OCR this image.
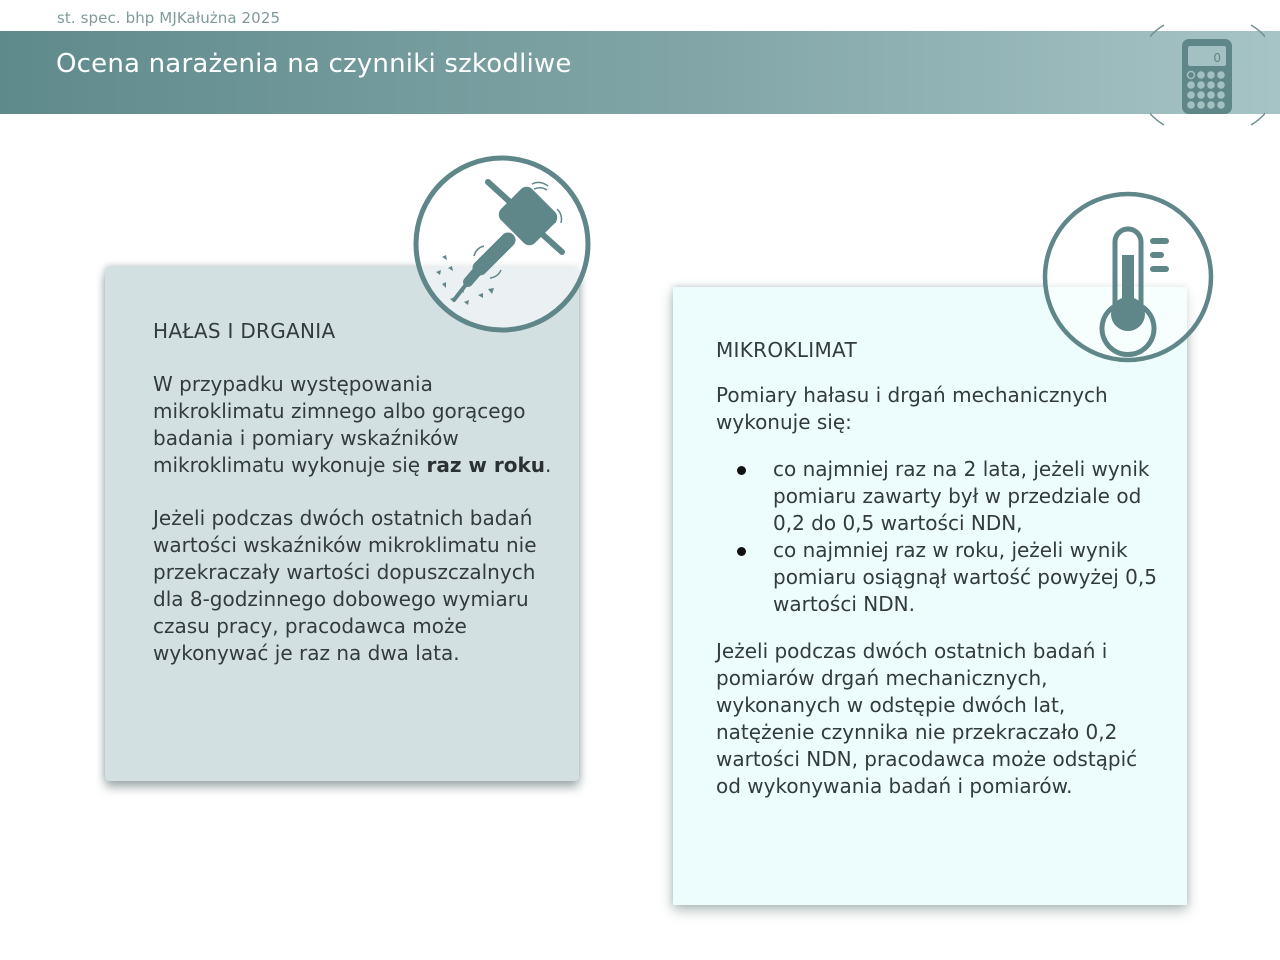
st. spec. bhp MJKałużna 2025
Ocena narażenia na czynniki szkodliwe	0

HAŁAS I DRGANIA

W przypadku występowania mikroklimatu zimnego albo gorącego badania i pomiary wskaźników mikroklimatu wykonuje się raz w roku.

Jeżeli podczas dwóch ostatnich badań wartości wskaźników mikroklimatu nie przekraczały wartości dopuszczalnych dla 8-godzinnego dobowego wymiaru czasu pracy, pracodawca może wykonywać je raz na dwa lata.

MIKROKLIMAT

Pomiary hałasu i drgań mechanicznych wykonuje się:

co najmniej raz na 2 lata, jeżeli wynik pomiaru zawarty był w przedziale od 0,2 do 0,5 wartości NDN,
co najmniej raz w roku, jeżeli wynik pomiaru osiągnął wartość powyżej 0,5 wartości NDN.

Jeżeli podczas dwóch ostatnich badań i pomiarów drgań mechanicznych, wykonanych w odstępie dwóch lat, natężenie czynnika nie przekraczało 0,2 wartości NDN, pracodawca może odstąpić od wykonywania badań i pomiarów.
